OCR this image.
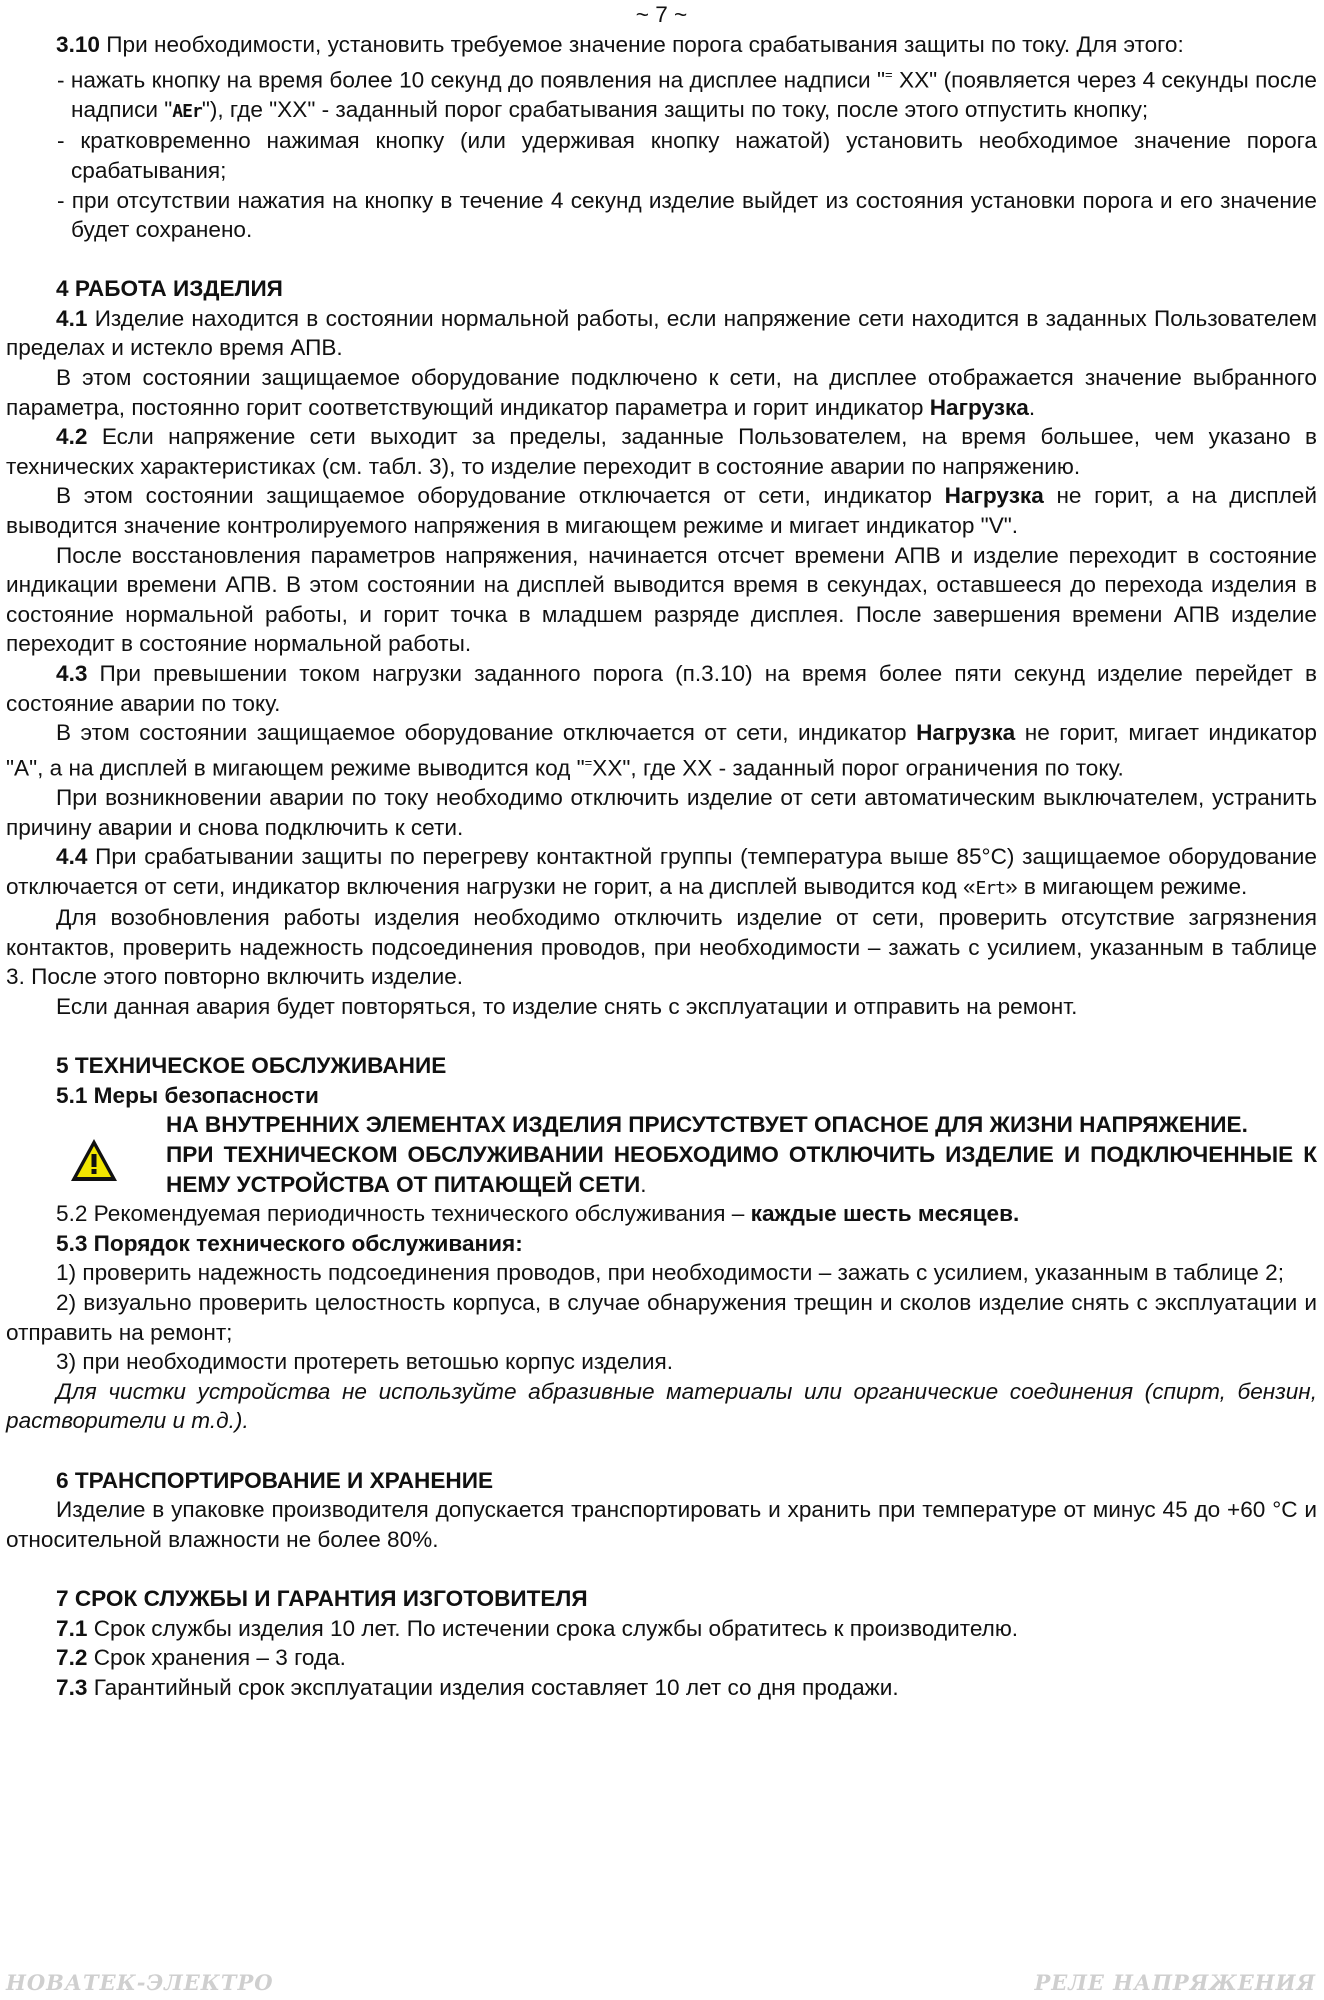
~ 7 ~

3.10 При необходимости, установить требуемое значение порога срабатывания защиты по току. Для этого:

- нажать кнопку на время более 10 секунд до появления на дисплее надписи "= XX" (появляется через 4 секунды после надписи "AEr"), где "XX" - заданный порог срабатывания защиты по току, после этого отпустить кнопку;

- кратковременно нажимая кнопку (или удерживая кнопку нажатой) установить необходимое значение порога срабатывания;

- при отсутствии нажатия на кнопку в течение 4 секунд изделие выйдет из состояния установки порога и его значение будет сохранено.

4 РАБОТА ИЗДЕЛИЯ

4.1 Изделие находится в состоянии нормальной работы, если напряжение сети находится в заданных Пользователем пределах и истекло время АПВ.

В этом состоянии защищаемое оборудование подключено к сети, на дисплее отображается значение выбранного параметра, постоянно горит соответствующий индикатор параметра и горит индикатор Нагрузка.

4.2 Если напряжение сети выходит за пределы, заданные Пользователем, на время большее, чем указано в технических характеристиках (см. табл. 3), то изделие переходит в состояние аварии по напряжению.

В этом состоянии защищаемое оборудование отключается от сети, индикатор Нагрузка не горит, а на дисплей выводится значение контролируемого напряжения в мигающем режиме и мигает индикатор "V".

После восстановления параметров напряжения, начинается отсчет времени АПВ и изделие переходит в состояние индикации времени АПВ. В этом состоянии на дисплей выводится время в секундах, оставшееся до перехода изделия в состояние нормальной работы, и горит точка в младшем разряде дисплея. После завершения времени АПВ изделие переходит в состояние нормальной работы.

4.3 При превышении током нагрузки заданного порога (п.3.10) на время более пяти секунд изделие перейдет в состояние аварии по току.

В этом состоянии защищаемое оборудование отключается от сети, индикатор Нагрузка не горит, мигает индикатор "А", а на дисплей в мигающем режиме выводится код "=XX", где XX - заданный порог ограничения по току.

При возникновении аварии по току необходимо отключить изделие от сети автоматическим выключателем, устранить причину аварии и снова подключить к сети.

4.4 При срабатывании защиты по перегреву контактной группы (температура выше 85°С) защищаемое оборудование отключается от сети, индикатор включения нагрузки не горит, а на дисплей выводится код «Ert» в мигающем режиме.

Для возобновления работы изделия необходимо отключить изделие от сети, проверить отсутствие загрязнения контактов, проверить надежность подсоединения проводов, при необходимости – зажать с усилием, указанным в таблице 3. После этого повторно включить изделие.

Если данная авария будет повторяться, то изделие снять с эксплуатации и отправить на ремонт.

5 ТЕХНИЧЕСКОЕ ОБСЛУЖИВАНИЕ

5.1 Меры безопасности

НА ВНУТРЕННИХ ЭЛЕМЕНТАХ ИЗДЕЛИЯ ПРИСУТСТВУЕТ ОПАСНОЕ ДЛЯ ЖИЗНИ НАПРЯЖЕНИЕ.

ПРИ ТЕХНИЧЕСКОМ ОБСЛУЖИВАНИИ НЕОБХОДИМО ОТКЛЮЧИТЬ ИЗДЕЛИЕ И ПОДКЛЮЧЕННЫЕ К НЕМУ УСТРОЙСТВА ОТ ПИТАЮЩЕЙ СЕТИ.

5.2 Рекомендуемая периодичность технического обслуживания – каждые шесть месяцев.

5.3 Порядок технического обслуживания:

1) проверить надежность подсоединения проводов, при необходимости – зажать с усилием, указанным в таблице 2;

2) визуально проверить целостность корпуса, в случае обнаружения трещин и сколов изделие снять с эксплуатации и отправить на ремонт;

3) при необходимости протереть ветошью корпус изделия.

Для чистки устройства не используйте абразивные материалы или органические соединения (спирт, бензин, растворители и т.д.).

6 ТРАНСПОРТИРОВАНИЕ И ХРАНЕНИЕ

Изделие в упаковке производителя допускается транспортировать и хранить при температуре от минус 45 до +60 °С и относительной влажности не более 80%.

7 СРОК СЛУЖБЫ И ГАРАНТИЯ ИЗГОТОВИТЕЛЯ

7.1 Срок службы изделия 10 лет. По истечении срока службы обратитесь к производителю.

7.2 Срок хранения – 3 года.

7.3 Гарантийный срок эксплуатации изделия составляет 10 лет со дня продажи.

НОВАТЕК-ЭЛЕКТРО	РЕЛЕ НАПРЯЖЕНИЯ
